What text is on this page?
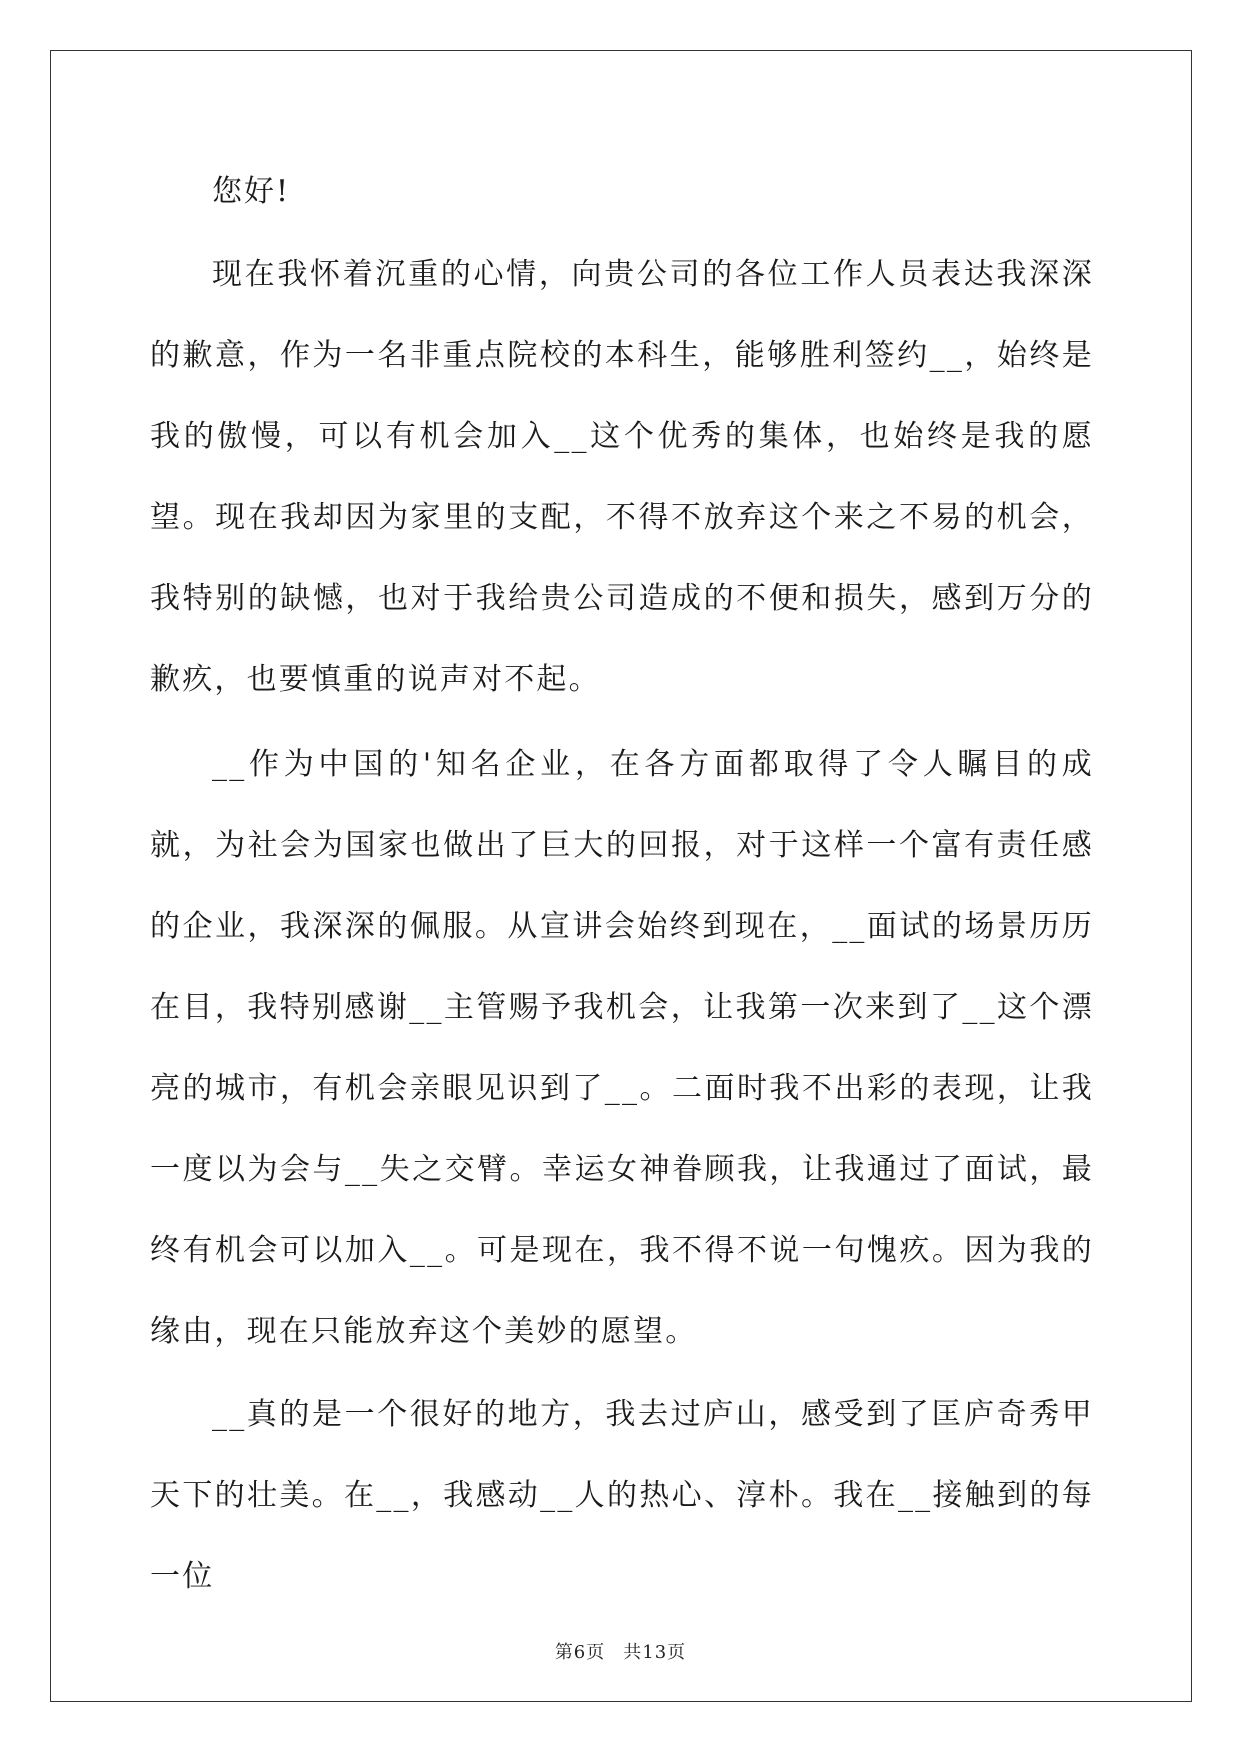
您好!

现在我怀着沉重的心情，向贵公司的各位工作人员表达我深深的歉意，作为一名非重点院校的本科生，能够胜利签约__，始终是我的傲慢，可以有机会加入__这个优秀的集体，也始终是我的愿望。现在我却因为家里的支配，不得不放弃这个来之不易的机会，我特别的缺憾，也对于我给贵公司造成的不便和损失，感到万分的歉疚，也要慎重的说声对不起。

__作为中国的'知名企业，在各方面都取得了令人瞩目的成就，为社会为国家也做出了巨大的回报，对于这样一个富有责任感的企业，我深深的佩服。从宣讲会始终到现在，__面试的场景历历在目，我特别感谢__主管赐予我机会，让我第一次来到了__这个漂亮的城市，有机会亲眼见识到了__。二面时我不出彩的表现，让我一度以为会与__失之交臂。幸运女神眷顾我，让我通过了面试，最终有机会可以加入__。可是现在，我不得不说一句愧疚。因为我的缘由，现在只能放弃这个美妙的愿望。

__真的是一个很好的地方，我去过庐山，感受到了匡庐奇秀甲天下的壮美。在__，我感动__人的热心、淳朴。我在__接触到的每一位

第6页 共13页
